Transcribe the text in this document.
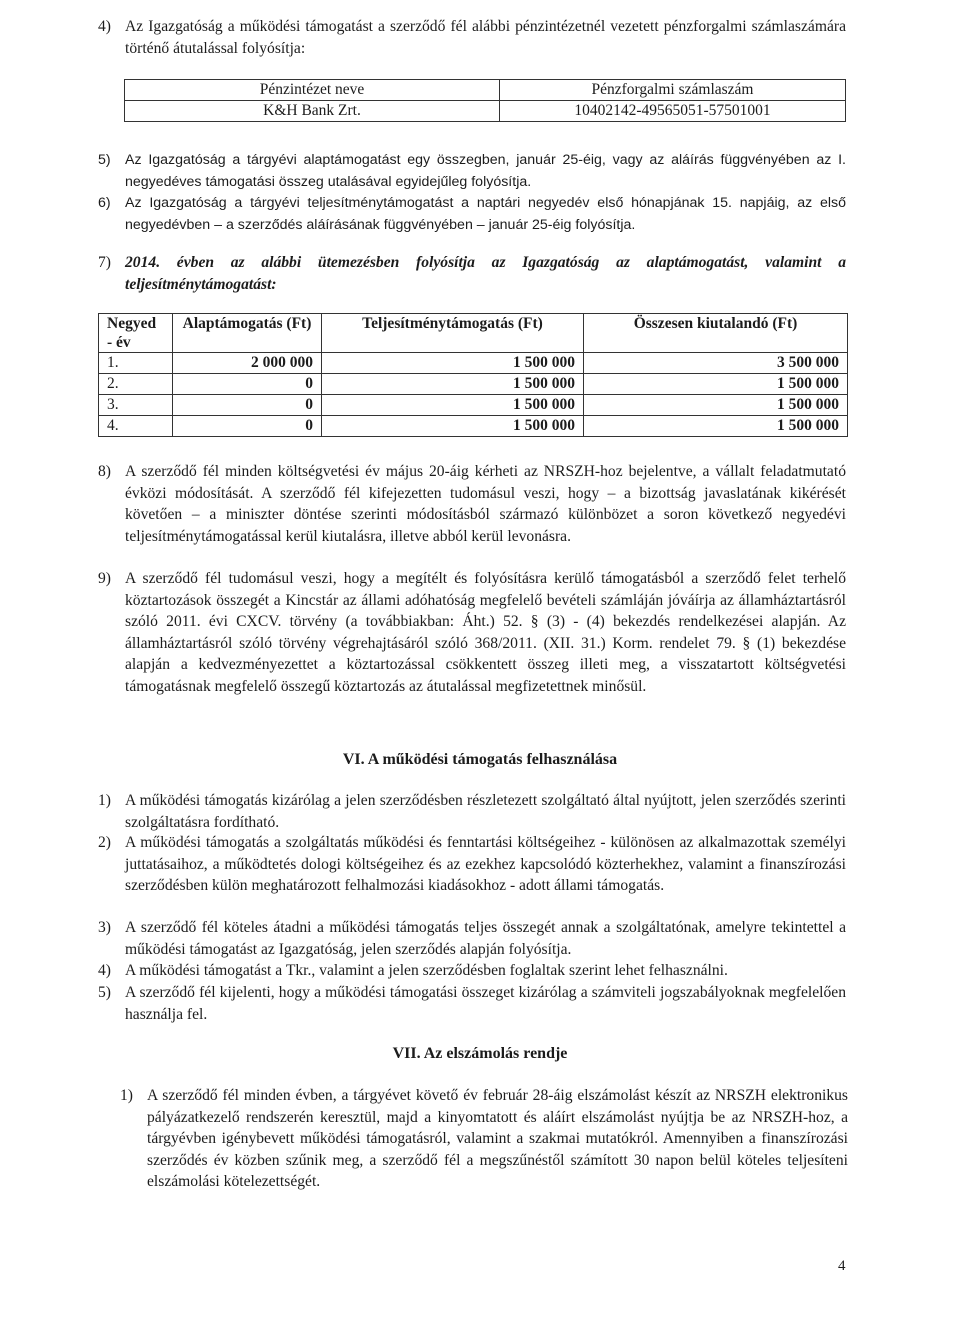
4) Az Igazgatóság a működési támogatást a szerződő fél alábbi pénzintézetnél vezetett pénzforgalmi számlaszámára történő átutalással folyósítja:
Pénzintézet neve	Pénzforgalmi számlaszám
K&H Bank Zrt.	10402142-49565051-57501001
5) Az Igazgatóság a tárgyévi alaptámogatást egy összegben, január 25-éig, vagy az aláírás függvényében az I. negyedéves támogatási összeg utalásával egyidejűleg folyósítja.
6) Az Igazgatóság a tárgyévi teljesítménytámogatást a naptári negyedév első hónapjának 15. napjáig, az első negyedévben – a szerződés aláírásának függvényében – január 25-éig folyósítja.
7) 2014. évben az alábbi ütemezésben folyósítja az Igazgatóság az alaptámogatást, valamint a teljesítménytámogatást:
Negyed - év	Alaptámogatás (Ft)	Teljesítménytámogatás (Ft)	Összesen kiutalandó (Ft)
1.	2 000 000	1 500 000	3 500 000
2.	0	1 500 000	1 500 000
3.	0	1 500 000	1 500 000
4.	0	1 500 000	1 500 000
8) A szerződő fél minden költségvetési év május 20-áig kérheti az NRSZH-hoz bejelentve, a vállalt feladatmutató évközi módosítását. A szerződő fél kifejezetten tudomásul veszi, hogy – a bizottság javaslatának kikérését követően – a miniszter döntése szerinti módosításból származó különbözet a soron következő negyedévi teljesítménytámogatással kerül kiutalásra, illetve abból kerül levonásra.
9) A szerződő fél tudomásul veszi, hogy a megítélt és folyósításra kerülő támogatásból a szerződő felet terhelő köztartozások összegét a Kincstár az állami adóhatóság megfelelő bevételi számláján jóváírja az államháztartásról szóló 2011. évi CXCV. törvény (a továbbiakban: Áht.) 52. § (3) - (4) bekezdés rendelkezései alapján. Az államháztartásról szóló törvény végrehajtásáról szóló 368/2011. (XII. 31.) Korm. rendelet 79. § (1) bekezdése alapján a kedvezményezettet a köztartozással csökkentett összeg illeti meg, a visszatartott költségvetési támogatásnak megfelelő összegű köztartozás az átutalással megfizetettnek minősül.
VI. A működési támogatás felhasználása
1) A működési támogatás kizárólag a jelen szerződésben részletezett szolgáltató által nyújtott, jelen szerződés szerinti szolgáltatásra fordítható.
2) A működési támogatás a szolgáltatás működési és fenntartási költségeihez - különösen az alkalmazottak személyi juttatásaihoz, a működtetés dologi költségeihez és az ezekhez kapcsolódó közterhekhez, valamint a finanszírozási szerződésben külön meghatározott felhalmozási kiadásokhoz - adott állami támogatás.
3) A szerződő fél köteles átadni a működési támogatás teljes összegét annak a szolgáltatónak, amelyre tekintettel a működési támogatást az Igazgatóság, jelen szerződés alapján folyósítja.
4) A működési támogatást a Tkr., valamint a jelen szerződésben foglaltak szerint lehet felhasználni.
5) A szerződő fél kijelenti, hogy a működési támogatási összeget kizárólag a számviteli jogszabályoknak megfelelően használja fel.
VII. Az elszámolás rendje
1) A szerződő fél minden évben, a tárgyévet követő év február 28-áig elszámolást készít az NRSZH elektronikus pályázatkezelő rendszerén keresztül, majd a kinyomtatott és aláírt elszámolást nyújtja be az NRSZH-hoz, a tárgyévben igénybevett működési támogatásról, valamint a szakmai mutatókról. Amennyiben a finanszírozási szerződés év közben szűnik meg, a szerződő fél a megszűnéstől számított 30 napon belül köteles teljesíteni elszámolási kötelezettségét.
4
